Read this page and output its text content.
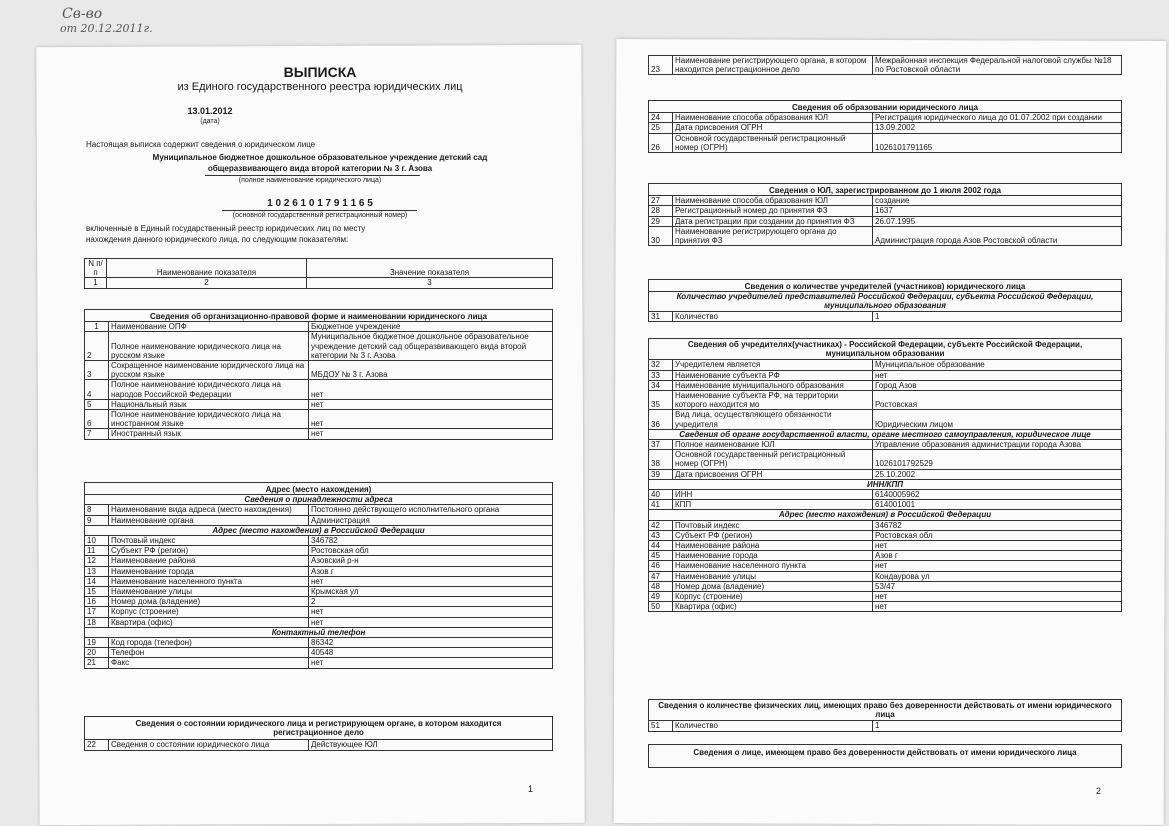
Св-во
от 20.12.2011г.
ВЫПИСКА
из Единого государственного реестра юридических лиц
13.01.2012
(дата)
Настоящая выписка содержит сведения о юридическом лице
Муниципальное бюджетное дошкольное образовательное учреждение детский сад
общеразвивающего вида второй категории № 3 г. Азова
(полное наименование юридического лица)
1 0 2 6 1 0 1 7 9 1 1 6 5
(основной государственный регистрационный номер)
включенные в Единый государственный реестр юридических лиц по месту
нахождения данного юридического лица, по следующим показателям:
N п/п	Наименование показателя	Значение показателя
1	2	3
Сведения об организационно-правовой форме и наименовании юридического лица		
1	Наименование ОПФ	Бюджетное учреждение
2	Полное наименование юридического лица на русском языке	Муниципальное бюджетное дошкольное образовательное учреждение детский сад общеразвивающего вида второй категории № 3 г. Азова
3	Сокращенное наименование юридического лица на русском языке	МБДОУ № 3 г. Азова
4	Полное наименование юридического лица на народов Российской Федерации	нет
5	Национальный язык	нет
6	Полное наименование юридического лица на иностранном языке	нет
7	Иностранный язык	нет
Адрес (место нахождения)		
Сведения о принадлежности адреса		
8	Наименование вида адреса (место нахождения)	Постоянно действующего исполнительного органа
9	Наименование органа	Администрация
Адрес (место нахождения) в Российской Федерации		
10	Почтовый индекс	346782
11	Субъект РФ (регион)	Ростовская обл
12	Наименование района	Азовский р-н
13	Наименование города	Азов г
14	Наименование населенного пункта	нет
15	Наименование улицы	Крымская ул
16	Номер дома (владение)	2
17	Корпус (строение)	нет
18	Квартира (офис)	нет
Контактный телефон		
19	Код города (телефон)	86342
20	Телефон	40548
21	Факс	нет
Сведения о состоянии юридического лица и регистрирующем органе, в котором находится регистрационное дело
22	Сведения о состоянии юридического лица	Действующее ЮЛ
1
23	Наименование регистрирующего органа, в котором находится регистрационное дело	Межрайонная инспекция Федеральной налоговой службы №18 по Ростовской области
Сведения об образовании юридического лица		
24	Наименование способа образования ЮЛ	Регистрация юридического лица до 01.07.2002 при создании
25	Дата присвоения ОГРН	13.09.2002
26	Основной государственный регистрационный номер (ОГРН)	1026101791165
Сведения о ЮЛ, зарегистрированном до 1 июля 2002 года		
27	Наименование способа образования ЮЛ	создание
28	Регистрационный номер до принятия ФЗ	1637
29	Дата регистрации при создании до принятия ФЗ	26.07.1995
30	Наименование регистрирующего органа до принятия ФЗ	Администрация города Азов Ростовской области
Сведения о количестве учредителей (участников) юридического лица
Количество учредителей представителей Российской Федерации, субъекта Российской Федерации, муниципального образования
31	Количество	1
Сведения об учредителях(участниках) - Российской Федерации, субъекте Российской Федерации, муниципальном образовании		
32	Учредителем является	Муниципальное образование
33	Наименование субъекта РФ	нет
34	Наименование муниципального образования	Город Азов
35	Наименование субъекта РФ, на территории которого находится мо	Ростовская
36	Вид лица, осуществляющего обязанности учредителя	Юридическим лицом
Сведения об органе государственной власти, органе местного самоуправления, юридическое лице		
37	Полное наименование ЮЛ	Управление образования администрации города Азова
38	Основной государственный регистрационный номер (ОГРН)	1026101792529
39	Дата присвоения ОГРН	25.10.2002
ИНН/КПП		
40	ИНН	6140005962
41	КПП	614001001
Адрес (место нахождения) в Российской Федерации		
42	Почтовый индекс	346782
43	Субъект РФ (регион)	Ростовская обл
44	Наименование района	нет
45	Наименование города	Азов г
46	Наименование населенного пункта	нет
47	Наименование улицы	Кондаурова ул
48	Номер дома (владение)	53/47
49	Корпус (строение)	нет
50	Квартира (офис)	нет
Сведения о количестве физических лиц, имеющих право без доверенности действовать от имени юридического лица
51	Количество	1
Сведения о лице, имеющем право без доверенности действовать от имени юридического лица
2
